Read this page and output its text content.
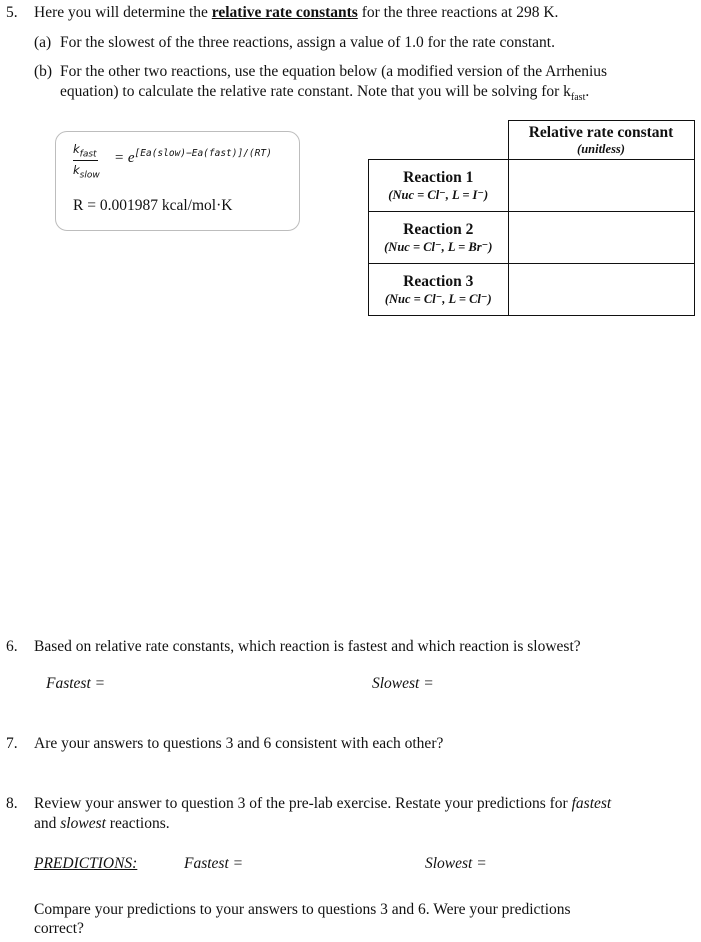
5. Here you will determine the relative rate constants for the three reactions at 298 K.
(a) For the slowest of the three reactions, assign a value of 1.0 for the rate constant.
(b) For the other two reactions, use the equation below (a modified version of the Arrhenius
equation) to calculate the relative rate constant. Note that you will be solving for $k_{fast}$.
$k_{fast}$
$k_{slow}$
= $e^{[Ea(slow)-Ea(fast)]/(RT)}$
R = 0.001987 kcal/mol·K

	Relative rate constant
(unitless)

Reaction 1
(Nuc = Cl⁻, L = I⁻)	

Reaction 2
(Nuc = Cl⁻, L = Br⁻)	

Reaction 3
(Nuc = Cl⁻, L = Cl⁻)	

6. Based on relative rate constants, which reaction is fastest and which reaction is slowest?
Fastest =	Slowest =
7. Are your answers to questions 3 and 6 consistent with each other?
8. Review your answer to question 3 of the pre-lab exercise. Restate your predictions for fastest
and slowest reactions.
PREDICTIONS:	Fastest =	Slowest =
Compare your predictions to your answers to questions 3 and 6. Were your predictions
correct?
